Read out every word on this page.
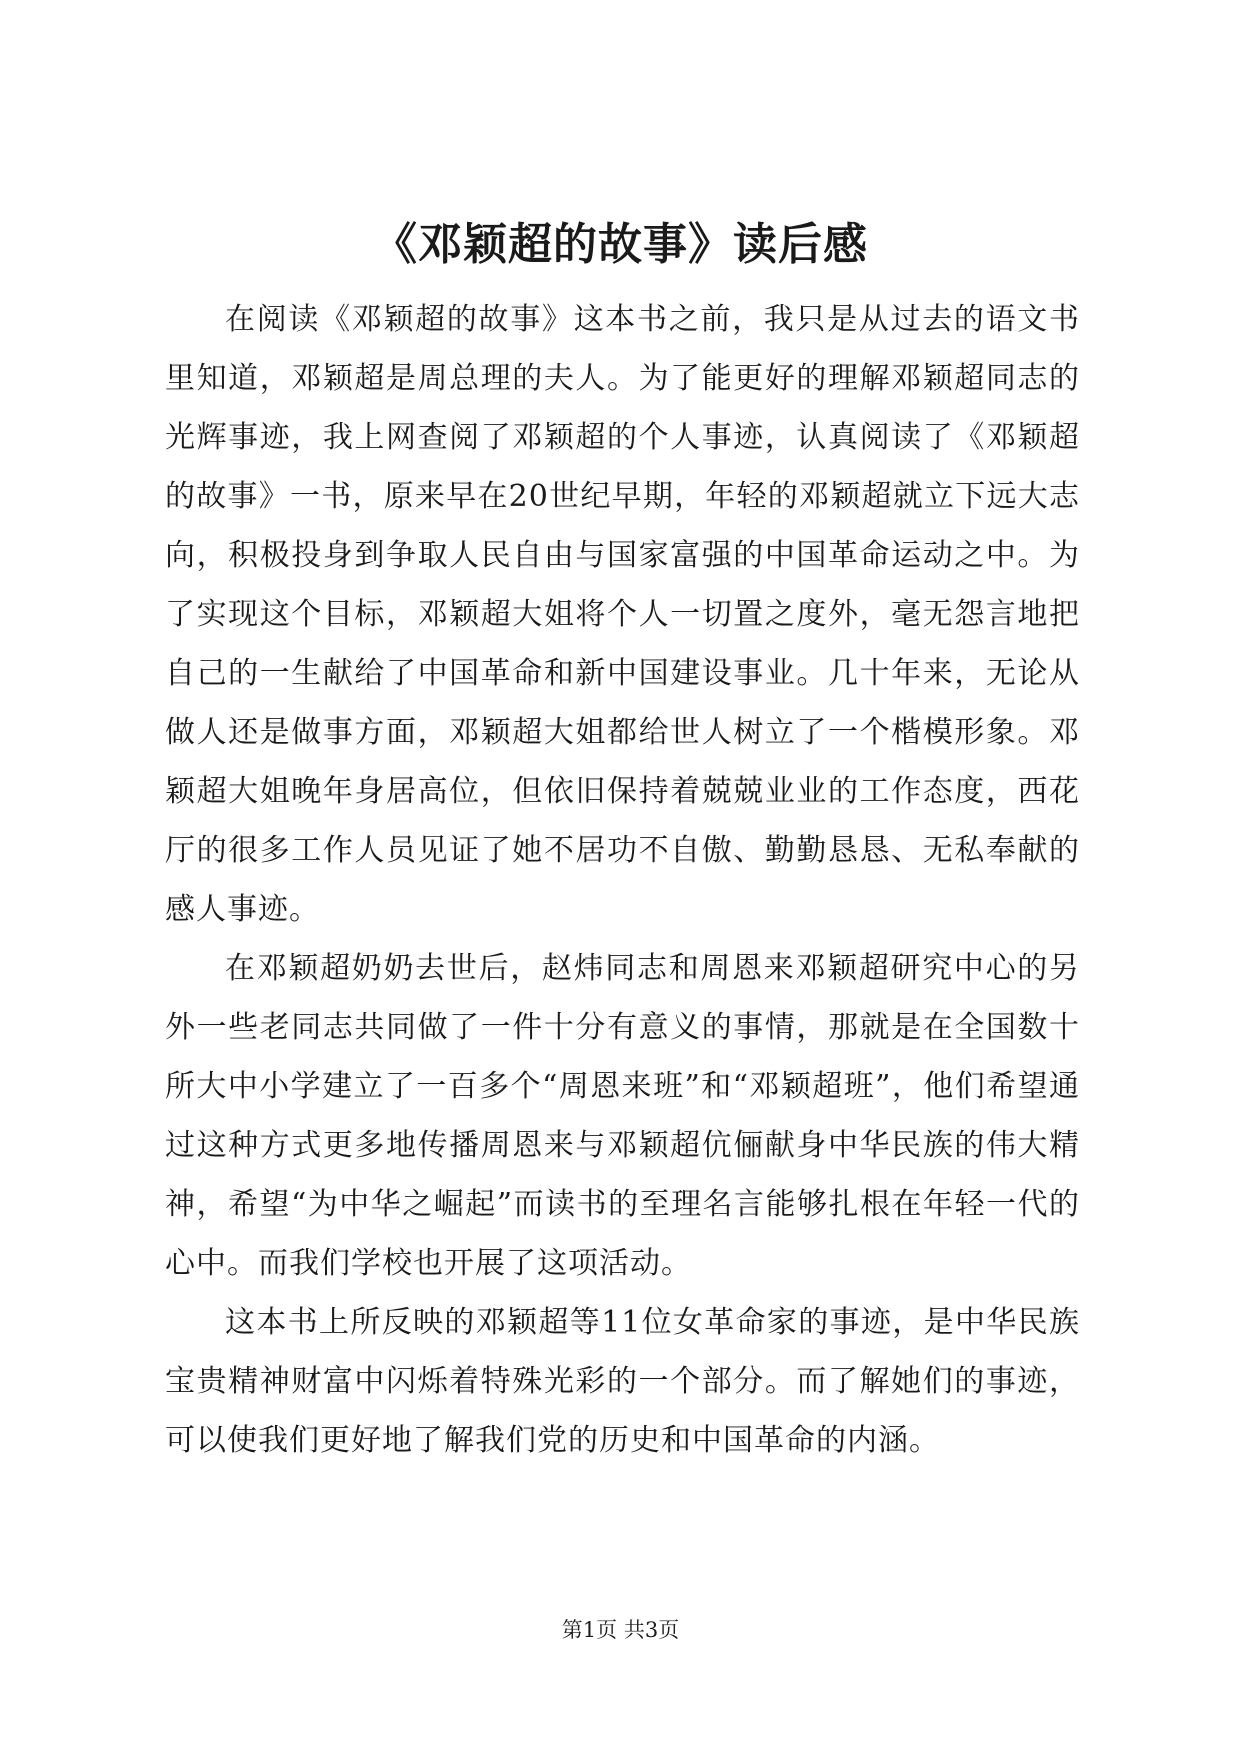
《邓颖超的故事》读后感

在阅读《邓颖超的故事》这本书之前，我只是从过去的语文书里知道，邓颖超是周总理的夫人。为了能更好的理解邓颖超同志的光辉事迹，我上网查阅了邓颖超的个人事迹，认真阅读了《邓颖超的故事》一书，原来早在20世纪早期，年轻的邓颖超就立下远大志向，积极投身到争取人民自由与国家富强的中国革命运动之中。为了实现这个目标，邓颖超大姐将个人一切置之度外，毫无怨言地把自己的一生献给了中国革命和新中国建设事业。几十年来，无论从做人还是做事方面，邓颖超大姐都给世人树立了一个楷模形象。邓颖超大姐晚年身居高位，但依旧保持着兢兢业业的工作态度，西花厅的很多工作人员见证了她不居功不自傲、勤勤恳恳、无私奉献的感人事迹。

在邓颖超奶奶去世后，赵炜同志和周恩来邓颖超研究中心的另外一些老同志共同做了一件十分有意义的事情，那就是在全国数十所大中小学建立了一百多个“周恩来班”和“邓颖超班”，他们希望通过这种方式更多地传播周恩来与邓颖超伉俪献身中华民族的伟大精神，希望“为中华之崛起”而读书的至理名言能够扎根在年轻一代的心中。而我们学校也开展了这项活动。

这本书上所反映的邓颖超等11位女革命家的事迹，是中华民族宝贵精神财富中闪烁着特殊光彩的一个部分。而了解她们的事迹，可以使我们更好地了解我们党的历史和中国革命的内涵。

第1页 共3页
